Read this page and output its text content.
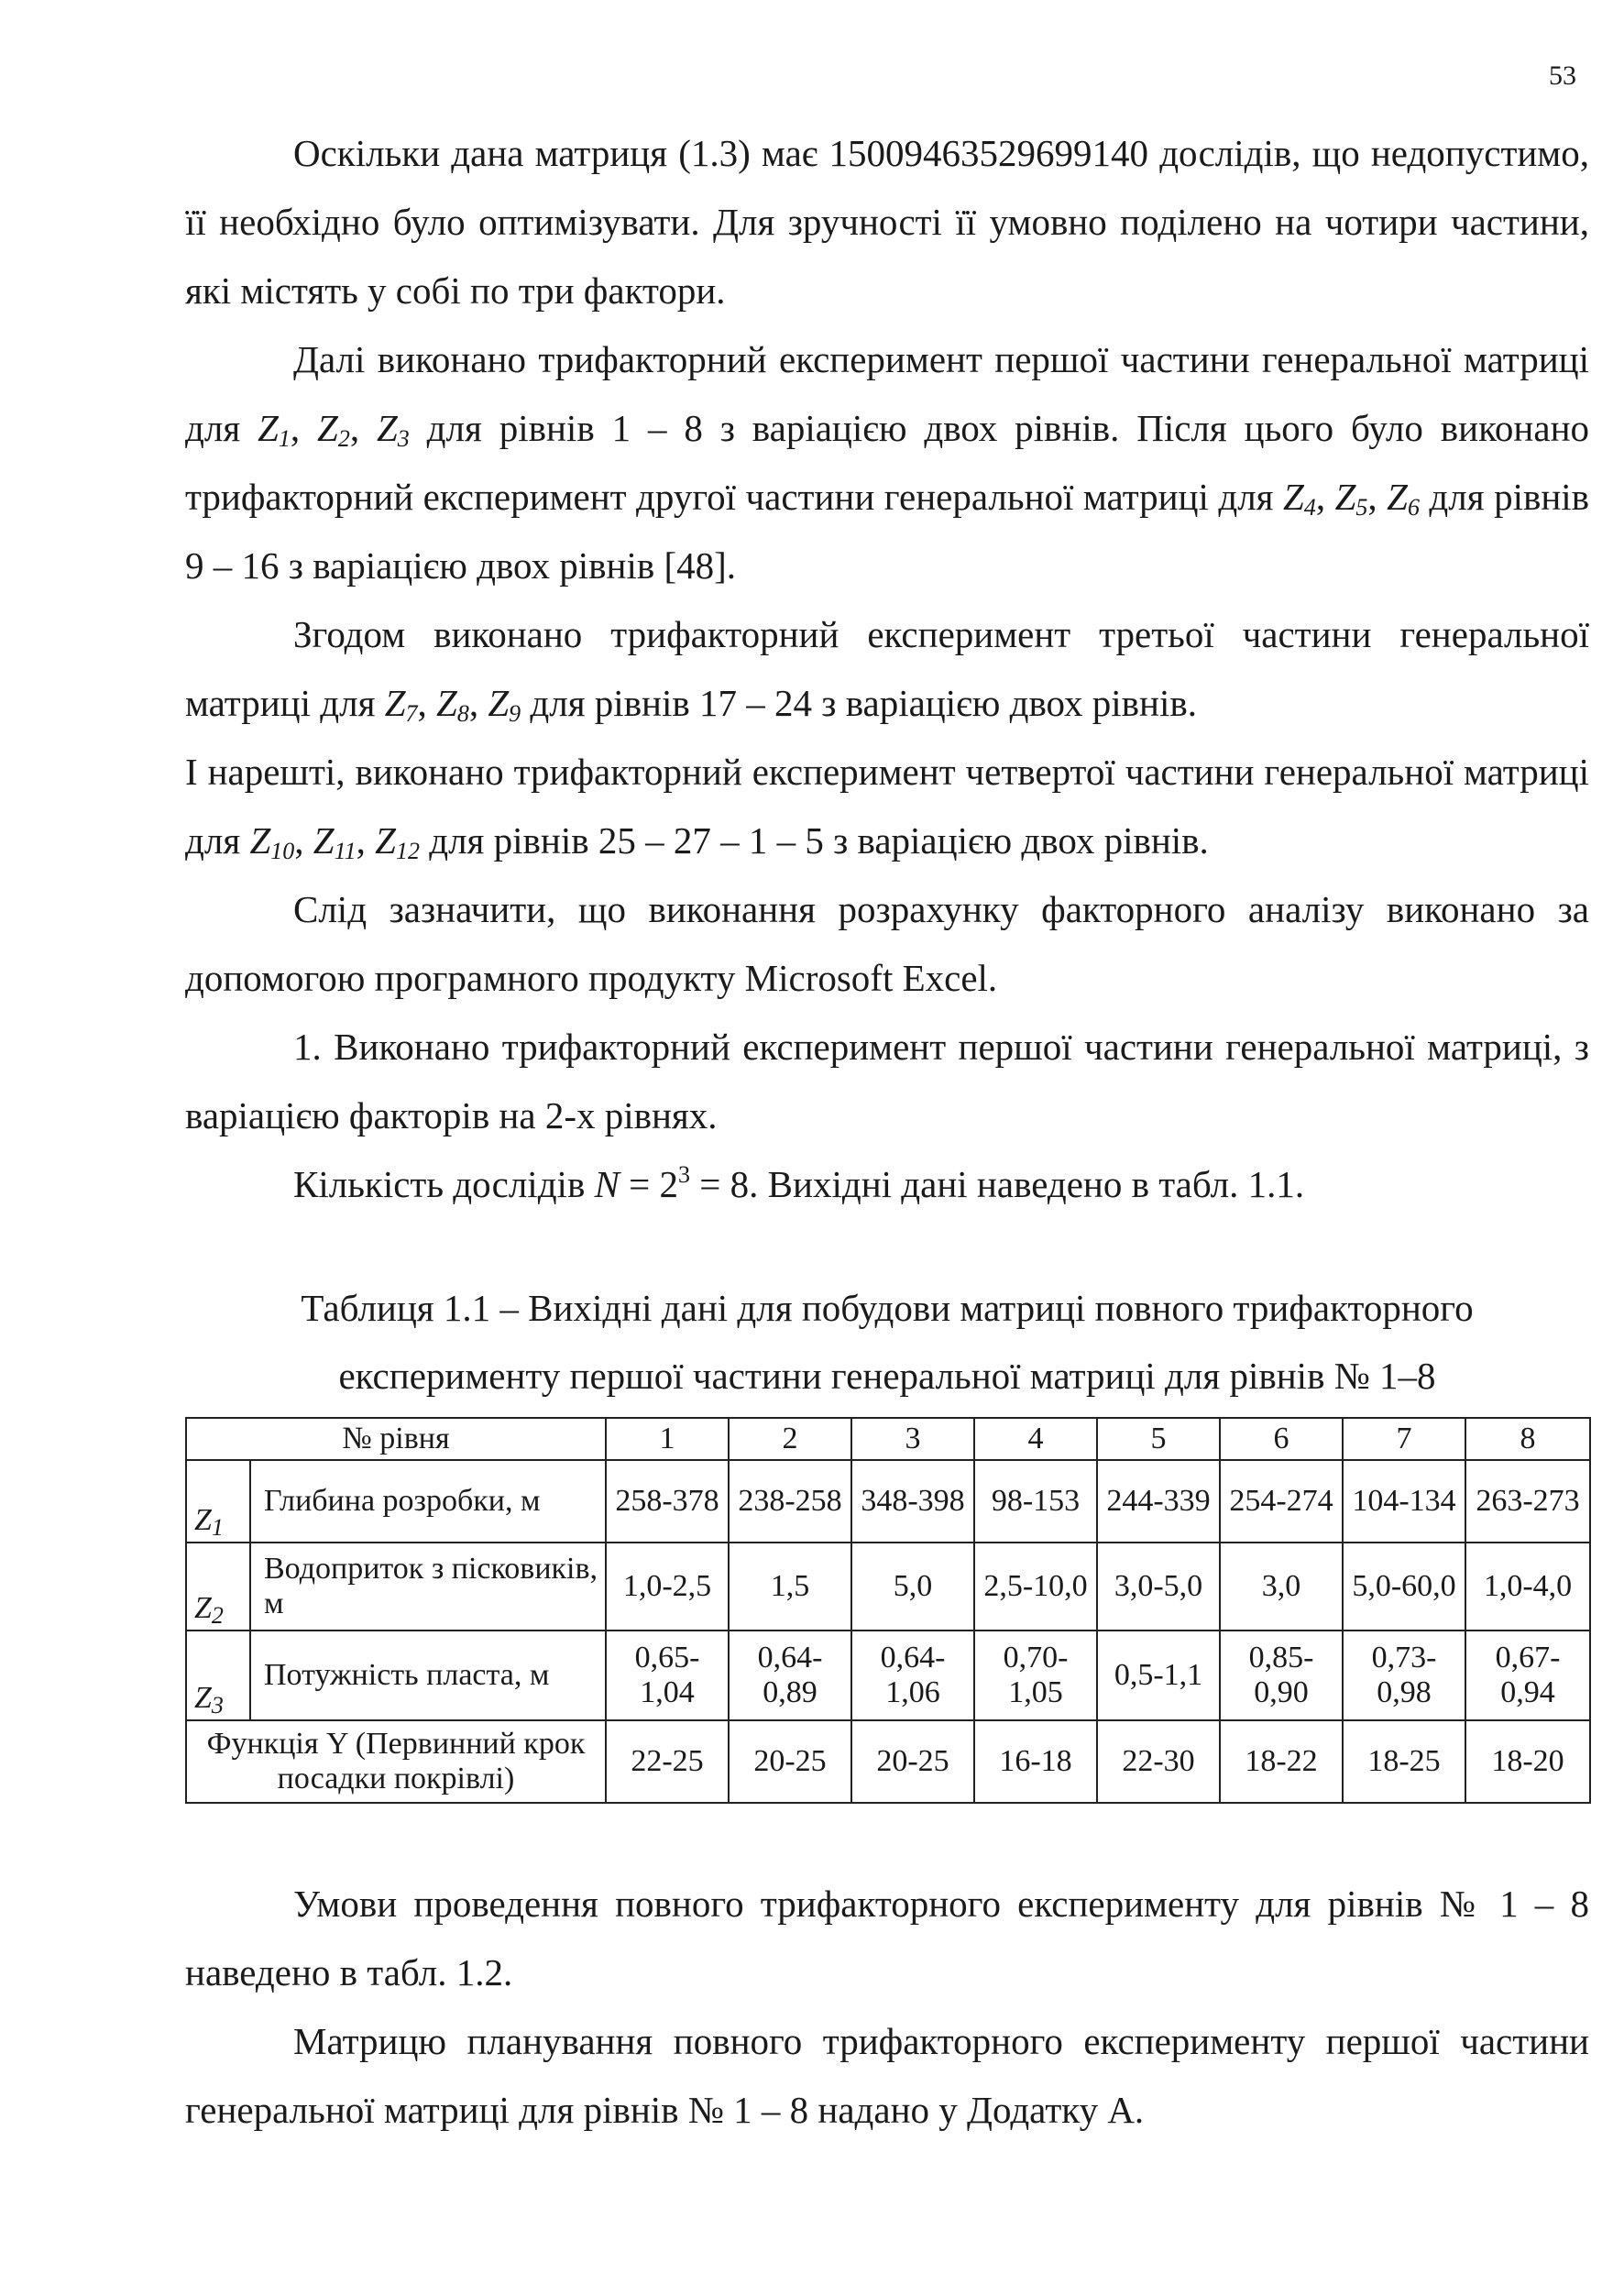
53

Оскільки дана матриця (1.3) має 15009463529699140 дослідів, що недопустимо, її необхідно було оптимізувати. Для зручності її умовно поділено на чотири частини, які містять у собі по три фактори.

Далі виконано трифакторний експеримент першої частини генеральної матриці для $Z_1$, $Z_2$, $Z_3$ для рівнів 1 – 8 з варіацією двох рівнів. Після цього було виконано трифакторний експеримент другої частини генеральної матриці для $Z_4$, $Z_5$, $Z_6$ для рівнів 9 – 16 з варіацією двох рівнів [48].

Згодом виконано трифакторний експеримент третьої частини генеральної матриці для $Z_7$, $Z_8$, $Z_9$ для рівнів 17 – 24 з варіацією двох рівнів.

І нарешті, виконано трифакторний експеримент четвертої частини генеральної матриці для $Z_{10}$, $Z_{11}$, $Z_{12}$ для рівнів 25 – 27 – 1 – 5 з варіацією двох рівнів.

Слід зазначити, що виконання розрахунку факторного аналізу виконано за допомогою програмного продукту Microsoft Excel.

1. Виконано трифакторний експеримент першої частини генеральної матриці, з варіацією факторів на 2-х рівнях.

Кількість дослідів $N = 2^3 = 8$. Вихідні дані наведено в табл. 1.1.

Таблиця 1.1 – Вихідні дані для побудови матриці повного трифакторного
експерименту першої частини генеральної матриці для рівнів № 1–8
№ рівня		1	2	3	4	5	6	7	8
$Z_1$	Глибина розробки, м	258-378	238-258	348-398	98-153	244-339	254-274	104-134	263-273
$Z_2$	Водоприток з пісковиків, м	1,0-2,5	1,5	5,0	2,5-10,0	3,0-5,0	3,0	5,0-60,0	1,0-4,0
$Z_3$	Потужність пласта, м	0,65-1,04	0,64-0,89	0,64-1,06	0,70-1,05	0,5-1,1	0,85-0,90	0,73-0,98	0,67-0,94
Функція Y (Первинний крок посадки покрівлі)		22-25	20-25	20-25	16-18	22-30	18-22	18-25	18-20

Умови проведення повного трифакторного експерименту для рівнів № 1 – 8 наведено в табл. 1.2.

Матрицю планування повного трифакторного експерименту першої частини генеральної матриці для рівнів № 1 – 8 надано у Додатку А.
